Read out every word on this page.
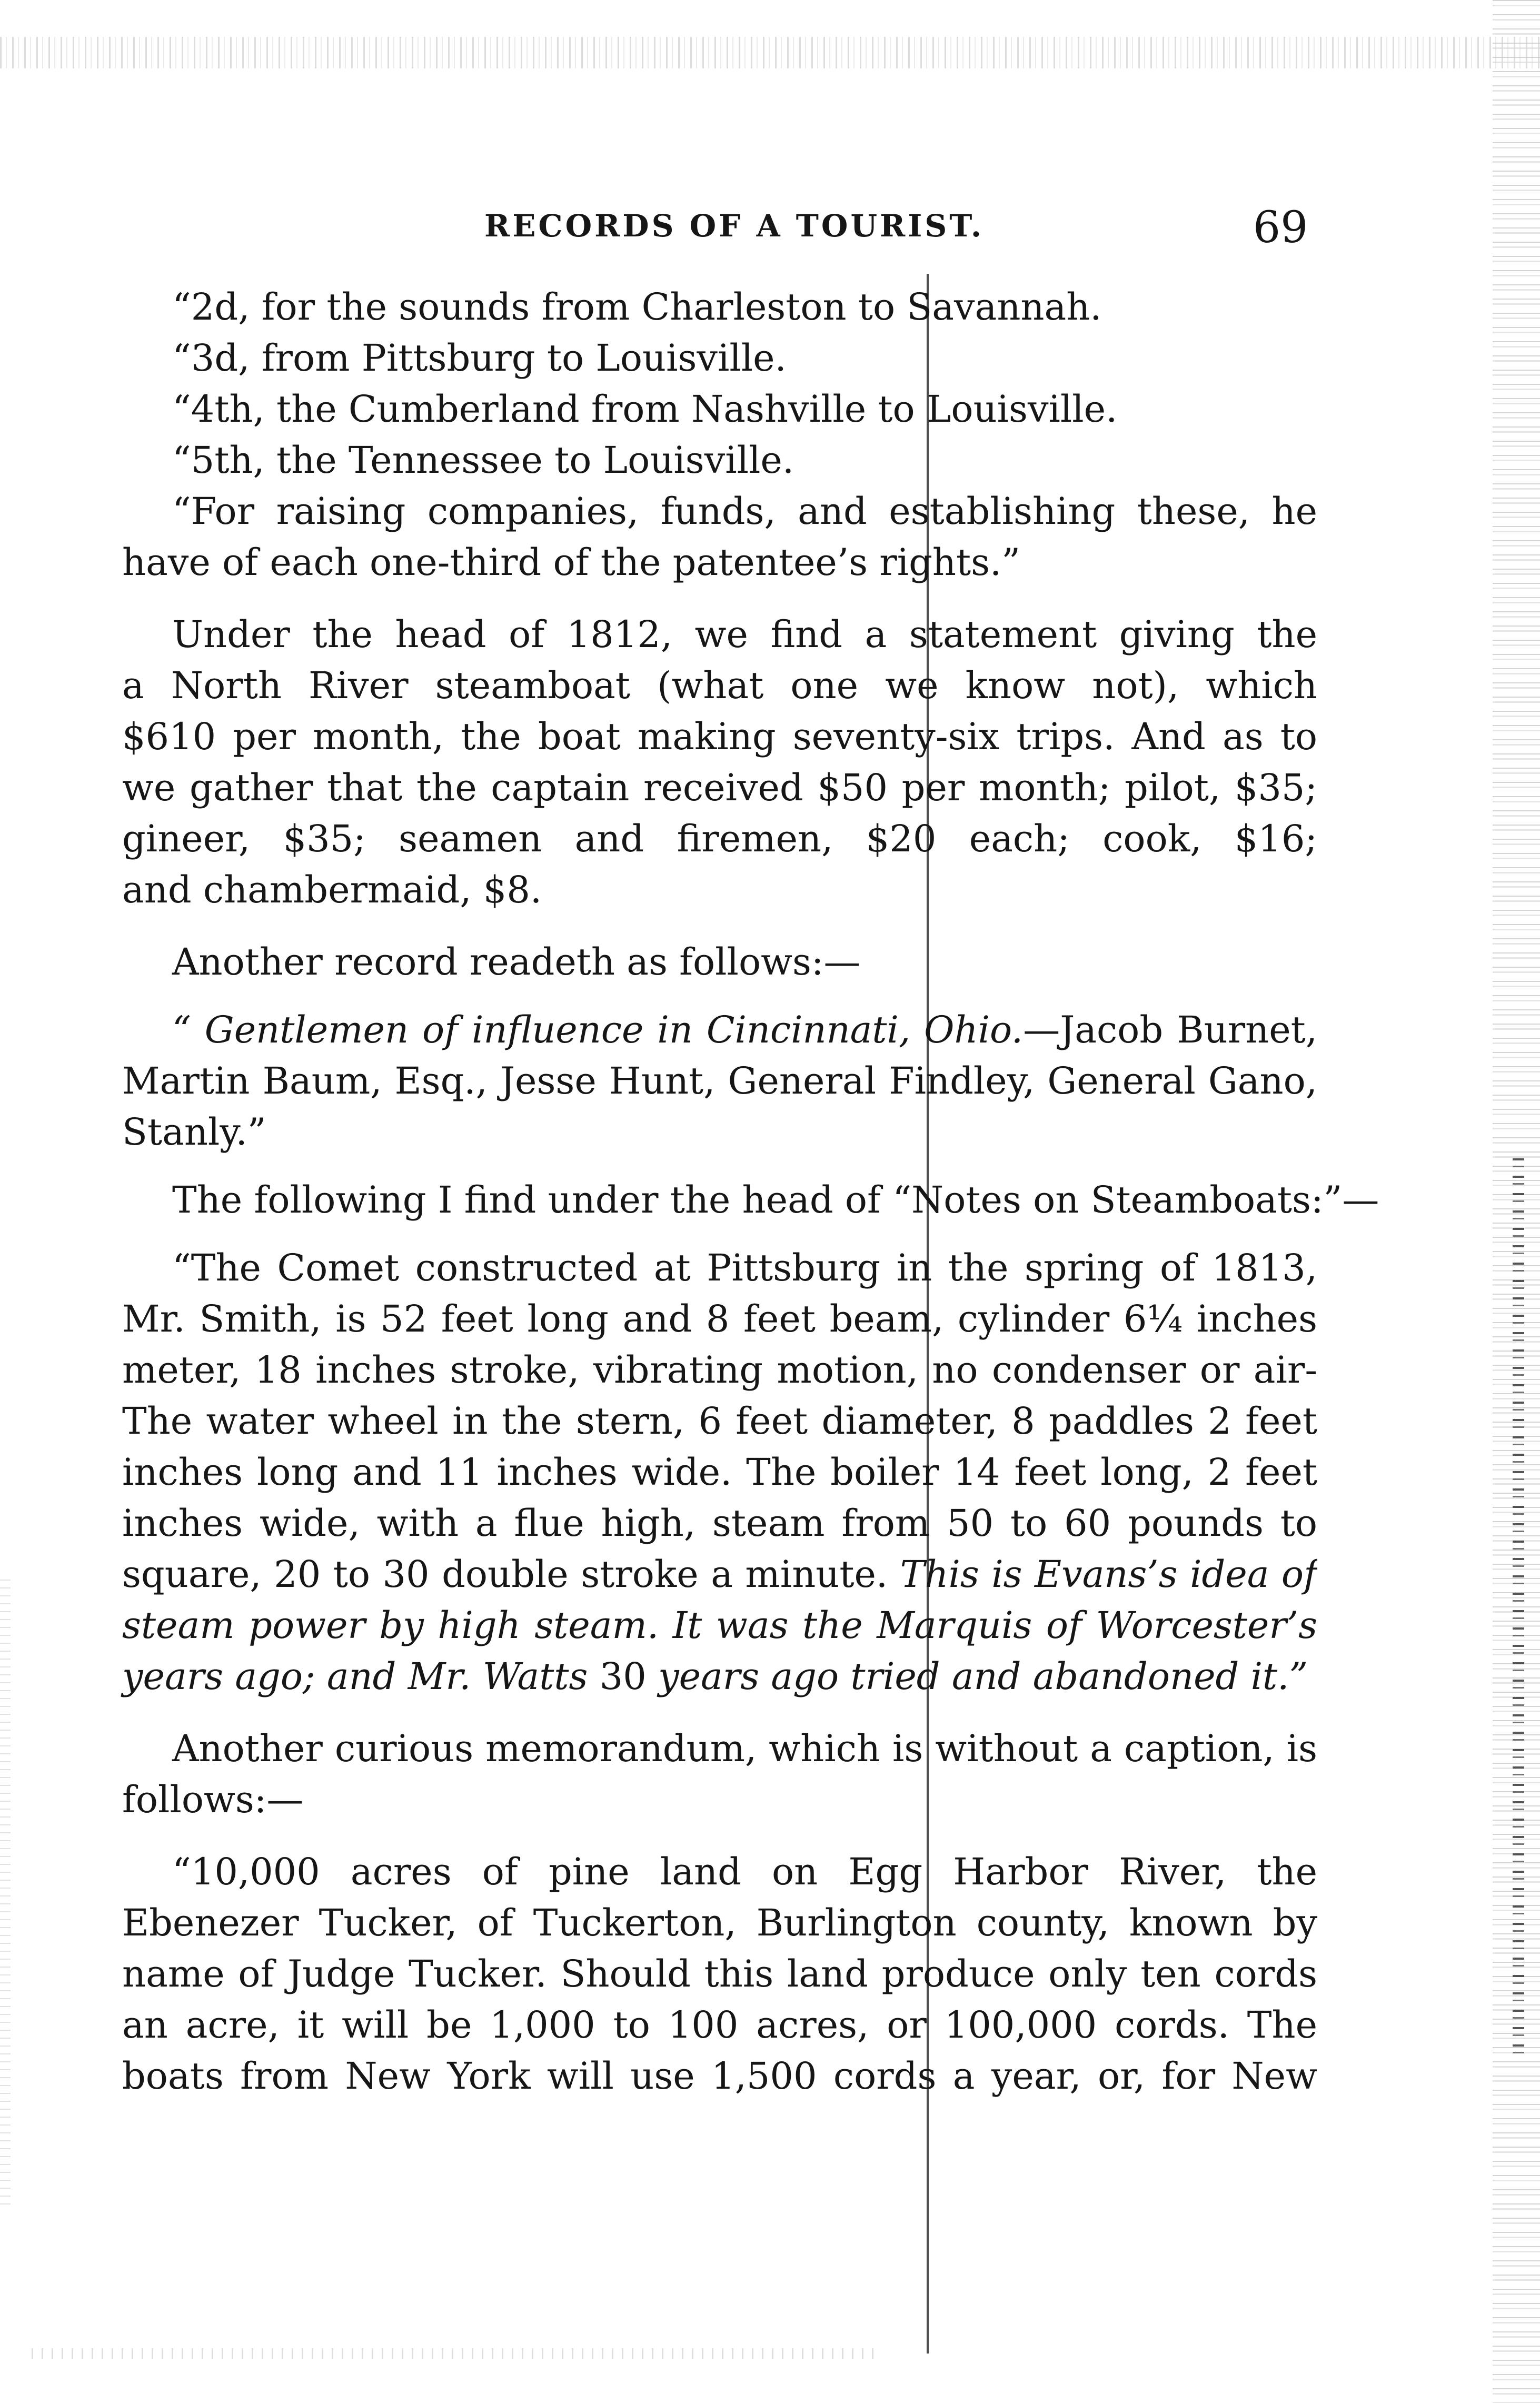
RECORDS OF A TOURIST.	69
“2d, for the sounds from Charleston to Savannah.
“3d, from Pittsburg to Louisville.
“4th, the Cumberland from Nashville to Louisville.
“5th, the Tennessee to Louisville.
“For raising companies, funds, and establishing these, he
have of each one-third of the patentee’s rights.”
Under the head of 1812, we find a statement giving the
a North River steamboat (what one we know not), which
$610 per month, the boat making seventy-six trips. And as to
we gather that the captain received $50 per month; pilot, $35;
gineer, $35; seamen and firemen, $20 each; cook, $16;
and chambermaid, $8.
Another record readeth as follows:—
“ Gentlemen of influence in Cincinnati, Ohio.—Jacob Burnet,
Martin Baum, Esq., Jesse Hunt, General Findley, General Gano,
Stanly.”
The following I find under the head of “Notes on Steamboats:”—
“The Comet constructed at Pittsburg in the spring of 1813,
Mr. Smith, is 52 feet long and 8 feet beam, cylinder 6¼ inches
meter, 18 inches stroke, vibrating motion, no condenser or air-
The water wheel in the stern, 6 feet diameter, 8 paddles 2 feet
inches long and 11 inches wide. The boiler 14 feet long, 2 feet
inches wide, with a flue high, steam from 50 to 60 pounds to
square, 20 to 30 double stroke a minute. This is Evans’s idea of
steam power by high steam. It was the Marquis of Worcester’s
years ago; and Mr. Watts 30 years ago tried and abandoned it.”
Another curious memorandum, which is without a caption, is
follows:—
“10,000 acres of pine land on Egg Harbor River, the
Ebenezer Tucker, of Tuckerton, Burlington county, known by
name of Judge Tucker. Should this land produce only ten cords
an acre, it will be 1,000 to 100 acres, or 100,000 cords. The
boats from New York will use 1,500 cords a year, or, for New
